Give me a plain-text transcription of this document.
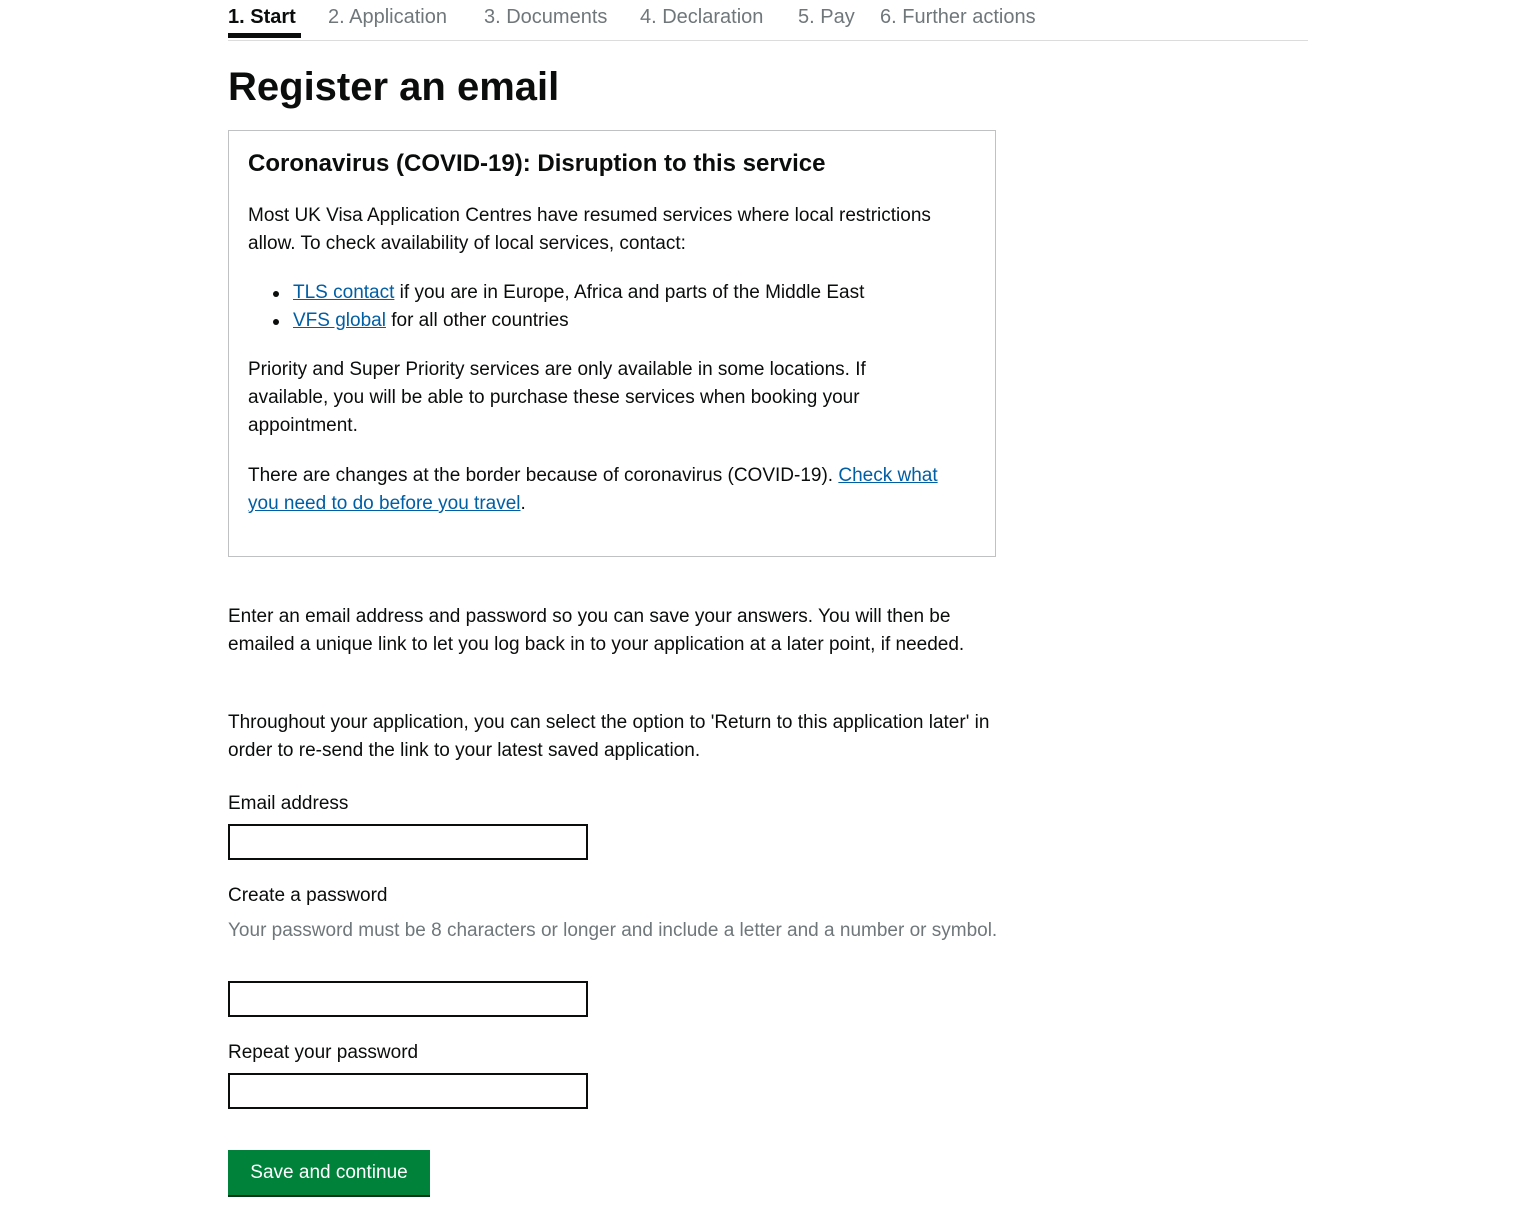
1. Start 2. Application 3. Documents 4. Declaration 5. Pay 6. Further actions
Register an email
Coronavirus (COVID-19): Disruption to this service

Most UK Visa Application Centres have resumed services where local restrictions allow. To check availability of local services, contact:

TLS contact if you are in Europe, Africa and parts of the Middle East
VFS global for all other countries

Priority and Super Priority services are only available in some locations. If available, you will be able to purchase these services when booking your appointment.

There are changes at the border because of coronavirus (COVID-19). Check what you need to do before you travel.

Enter an email address and password so you can save your answers. You will then be emailed a unique link to let you log back in to your application at a later point, if needed.

Throughout your application, you can select the option to 'Return to this application later' in order to re-send the link to your latest saved application.

Email address
Create a password

Your password must be 8 characters or longer and include a letter and a number or symbol.

Repeat your password
Save and continue
